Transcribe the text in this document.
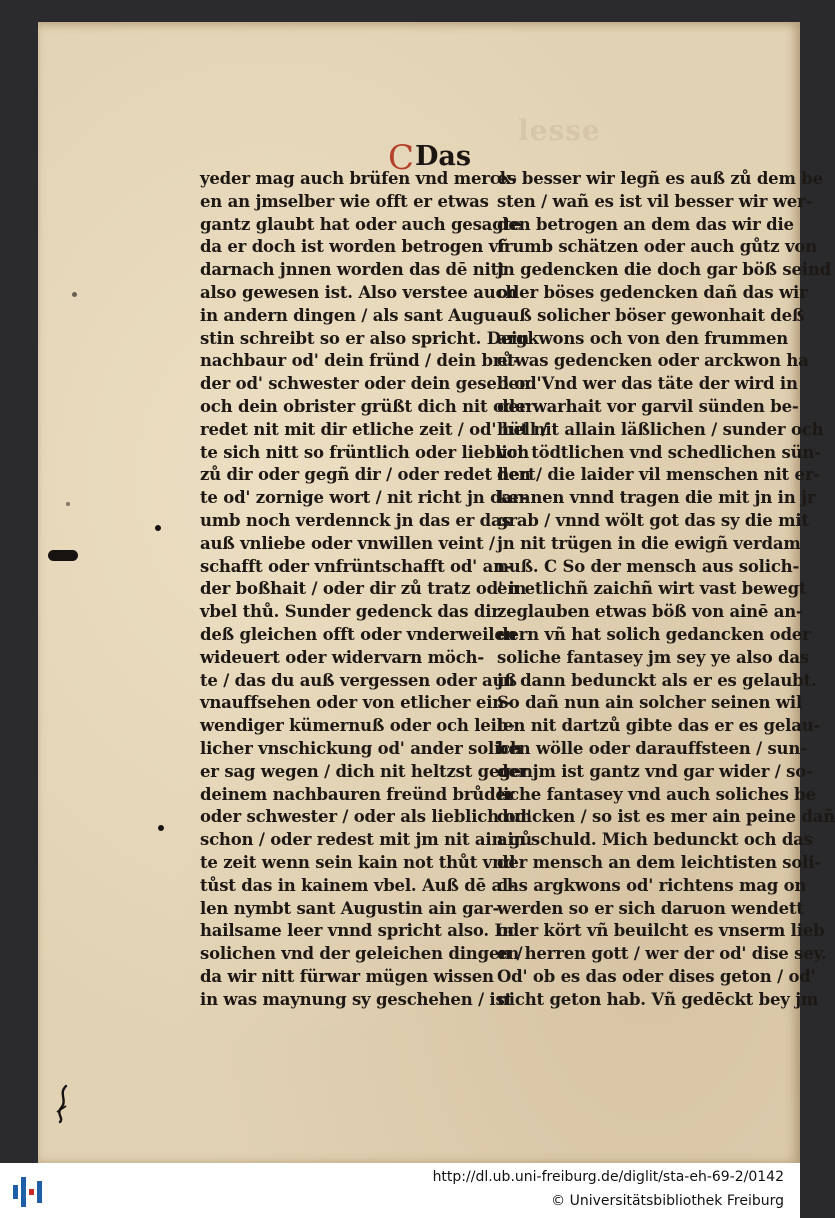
lesse
CDas
yeder mag auch brüfen vnd merck-
en an jmselber wie offt er etwas
gantz glaubt hat oder auch gesagte
da er doch ist worden betrogen vñ
darnach jnnen worden das dē nitt
also gewesen ist. Also verstee auch
in andern dingen / als sant Augu-
stin schreibt so er also spricht. Dein
nachbaur od' dein fründ / dein brů-
der od' schwester oder dein gesell od'
och dein obrister grüßt dich nit oder
redet nit mit dir etliche zeit / od' hell /
te sich nitt so früntlich oder lieblich
zů dir oder gegñ dir / oder redet hert
te od' zornige wort / nit richt jn dar-
umb noch verdennck jn das er das
auß vnliebe oder vnwillen veint /
schafft oder vnfrüntschafft od' an-
der boßhait / oder dir zů tratz od' in
vbel thů. Sunder gedenck das dir
deß gleichen offt oder vnderweilen
wideuert oder widervarn möch-
te / das du auß vergessen oder auß
vnauffsehen oder von etlicher ein-
wendiger kümernuß oder och leib-
licher vnschickung od' ander solich
er sag wegen / dich nit heltzst gegen
deinem nachbauren freünd brůder
oder schwester / oder als lieblich od'
schon / oder redest mit jm nit ain gů
te zeit wenn sein kain not thůt vnd
tůst das in kainem vbel. Auß dē al-
len nymbt sant Augustin ain gar-
hailsame leer vnnd spricht also. In
solichen vnd der geleichen dingen /
da wir nitt fürwar mügen wissen
in was maynung sy geschehen / ist
es besser wir legñ es auß zů dem be
sten / wañ es ist vil besser wir wer-
den betrogen an dem das wir die
frumb schätzen oder auch gůtz von
jn gedencken die doch gar böß seind
oder böses gedencken dañ das wir
auß solicher böser gewonhait deß
argkwons och von den frummen
etwas gedencken oder arckwon ha
ben. Vnd wer das täte der wird in
der warhait vor garvil sünden be-
hüt nit allain läßlichen / sunder och
vor tödtlichen vnd schedlichen sün-
den / die laider vil menschen nit er-
kennen vnnd tragen die mit jn in jr
grab / vnnd wölt got das sy die mit
jn nit trügen in die ewigñ verdam
nuß. C So der mensch aus solich-
en etlichñ zaichñ wirt vast bewegt
zeglauben etwas böß von ainē an-
dern vñ hat solich gedancken oder
soliche fantasey jm sey ye also das
jn dann bedunckt als er es gelaubt.
So dañ nun ain solcher seinen wil
len nit dartzů gibte das er es gelau-
ben wölle oder darauffsteen / sun-
der jm ist gantz vnd gar wider / so-
liche fantasey vnd auch soliches be
duncken / so ist es mer ain peine dañ
ain schuld. Mich bedunckt och das
der mensch an dem leichtisten soli-
chs argkwons od' richtens mag on
werden so er sich daruon wendett
oder kört vñ beuilcht es vnserm lieb
en herren gott / wer der od' dise sey.
Od' ob es das oder dises geton / od'
nicht geton hab. Vñ gedēckt bey jm
http://dl.ub.uni-freiburg.de/diglit/sta-eh-69-2/0142
© Universitätsbibliothek Freiburg
